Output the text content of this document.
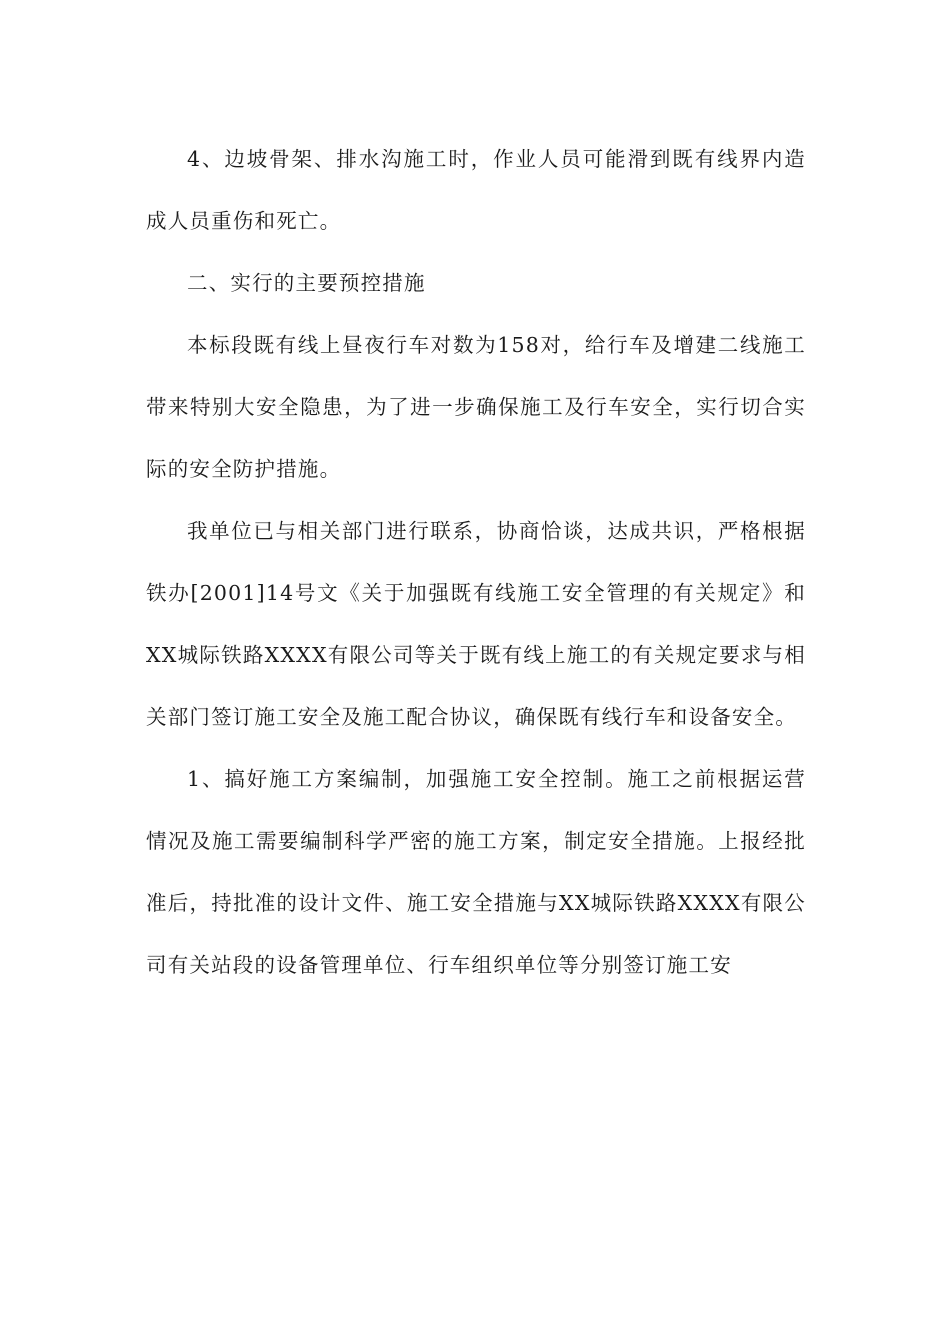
4、边坡骨架、排水沟施工时，作业人员可能滑到既有线界内造成人员重伤和死亡。

二、实行的主要预控措施

本标段既有线上昼夜行车对数为158对，给行车及增建二线施工带来特别大安全隐患，为了进一步确保施工及行车安全，实行切合实际的安全防护措施。

我单位已与相关部门进行联系，协商恰谈，达成共识，严格根据铁办[2001]14号文《关于加强既有线施工安全管理的有关规定》和XX城际铁路XXXX有限公司等关于既有线上施工的有关规定要求与相关部门签订施工安全及施工配合协议，确保既有线行车和设备安全。

1、搞好施工方案编制，加强施工安全控制。施工之前根据运营情况及施工需要编制科学严密的施工方案，制定安全措施。上报经批准后，持批准的设计文件、施工安全措施与XX城际铁路XXXX有限公司有关站段的设备管理单位、行车组织单位等分别签订施工安
